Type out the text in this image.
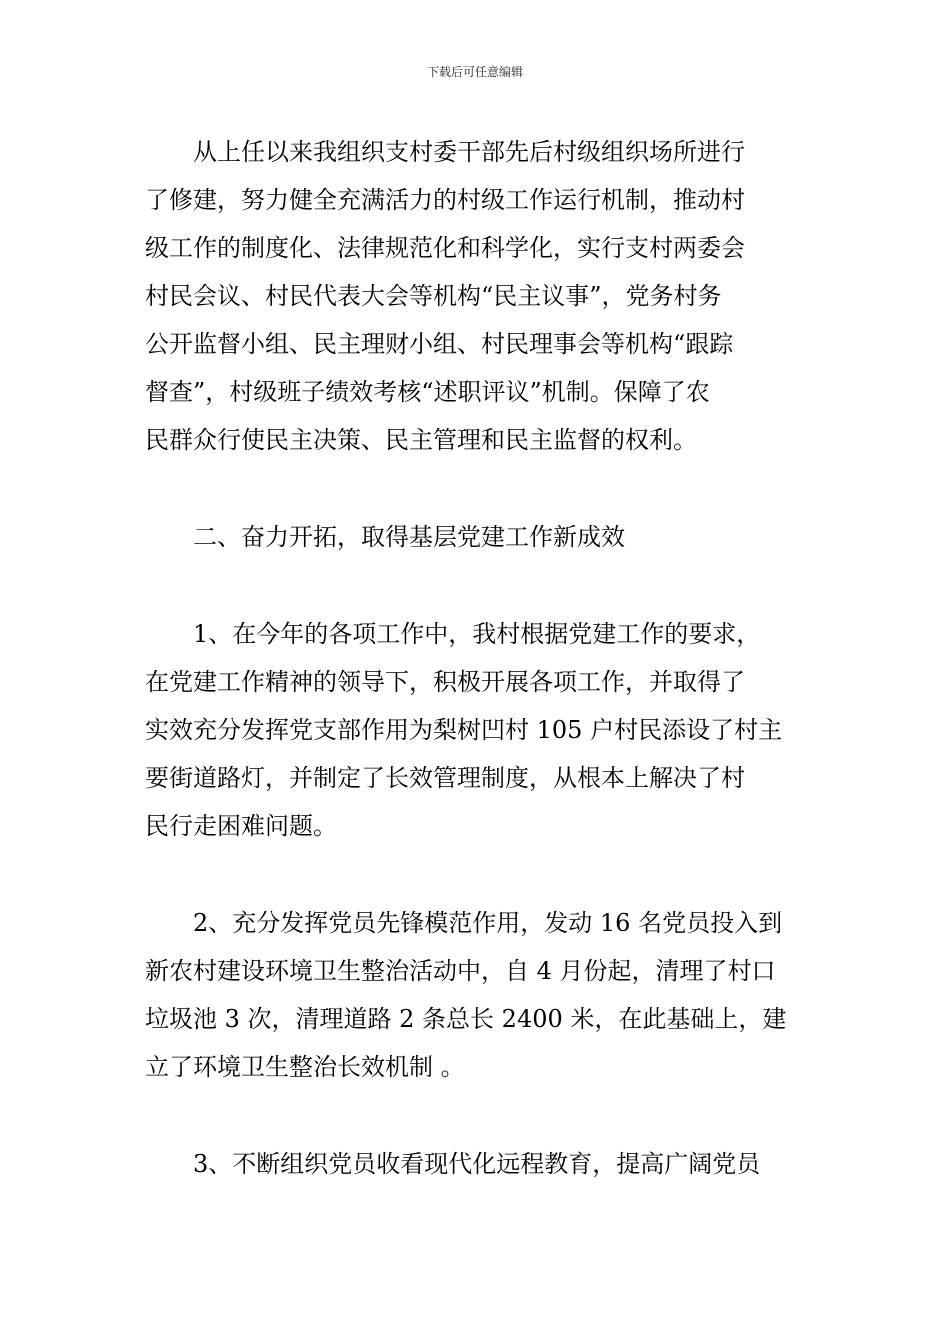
下载后可任意编辑
从上任以来我组织支村委干部先后村级组织场所进行
了修建，努力健全充满活力的村级工作运行机制，推动村
级工作的制度化、法律规范化和科学化，实行支村两委会
村民会议、村民代表大会等机构“民主议事”，党务村务
公开监督小组、民主理财小组、村民理事会等机构“跟踪
督查”，村级班子绩效考核“述职评议”机制。保障了农
民群众行使民主决策、民主管理和民主监督的权利。
二、奋力开拓，取得基层党建工作新成效
1、在今年的各项工作中，我村根据党建工作的要求，
在党建工作精神的领导下，积极开展各项工作，并取得了
实效充分发挥党支部作用为梨树凹村 105 户村民添设了村主
要街道路灯，并制定了长效管理制度，从根本上解决了村
民行走困难问题。
2、充分发挥党员先锋模范作用，发动 16 名党员投入到
新农村建设环境卫生整治活动中，自 4 月份起，清理了村口
垃圾池 3 次，清理道路 2 条总长 2400 米，在此基础上，建
立了环境卫生整治长效机制 。
3、不断组织党员收看现代化远程教育，提高广阔党员
